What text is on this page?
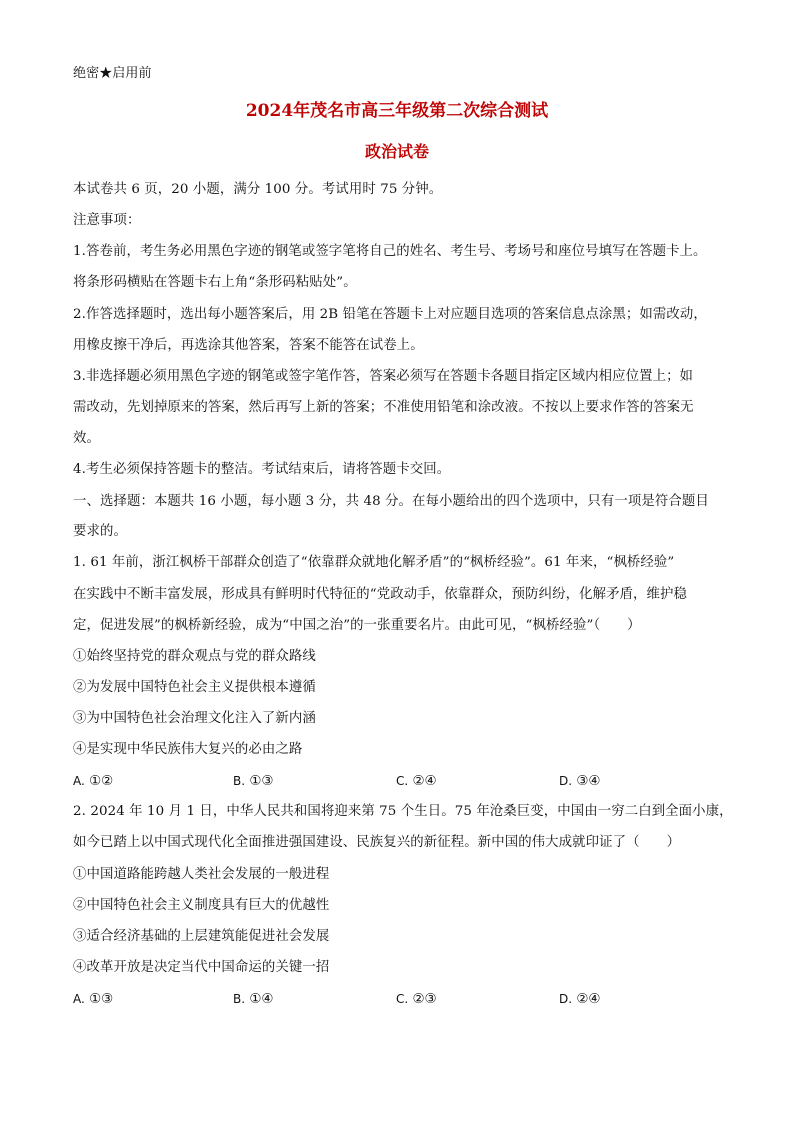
绝密★启用前
2024年茂名市高三年级第二次综合测试
政治试卷
本试卷共 6 页，20 小题，满分 100 分。考试用时 75 分钟。
注意事项：
1.答卷前，考生务必用黑色字迹的钢笔或签字笔将自己的姓名、考生号、考场号和座位号填写在答题卡上。
将条形码横贴在答题卡右上角“条形码粘贴处”。
2.作答选择题时，选出每小题答案后，用 2B 铅笔在答题卡上对应题目选项的答案信息点涂黑；如需改动，
用橡皮擦干净后，再选涂其他答案，答案不能答在试卷上。
3.非选择题必须用黑色字迹的钢笔或签字笔作答，答案必须写在答题卡各题目指定区域内相应位置上；如
需改动，先划掉原来的答案，然后再写上新的答案；不准使用铅笔和涂改液。不按以上要求作答的答案无
效。
4.考生必须保持答题卡的整洁。考试结束后，请将答题卡交回。
一、选择题：本题共 16 小题，每小题 3 分，共 48 分。在每小题给出的四个选项中，只有一项是符合题目
要求的。
1. 61 年前，浙江枫桥干部群众创造了“依靠群众就地化解矛盾”的“枫桥经验”。61 年来，“枫桥经验”
在实践中不断丰富发展，形成具有鲜明时代特征的“党政动手，依靠群众，预防纠纷，化解矛盾，维护稳
定，促进发展”的枫桥新经验，成为“中国之治”的一张重要名片。由此可见，“枫桥经验”（　　）
①始终坚持党的群众观点与党的群众路线
②为发展中国特色社会主义提供根本遵循
③为中国特色社会治理文化注入了新内涵
④是实现中华民族伟大复兴的必由之路
A. ①②	B. ①③	C. ②④	D. ③④
2. 2024 年 10 月 1 日，中华人民共和国将迎来第 75 个生日。75 年沧桑巨变，中国由一穷二白到全面小康，
如今已踏上以中国式现代化全面推进强国建设、民族复兴的新征程。新中国的伟大成就印证了（　　）
①中国道路能跨越人类社会发展的一般进程
②中国特色社会主义制度具有巨大的优越性
③适合经济基础的上层建筑能促进社会发展
④改革开放是决定当代中国命运的关键一招
A. ①③	B. ①④	C. ②③	D. ②④
